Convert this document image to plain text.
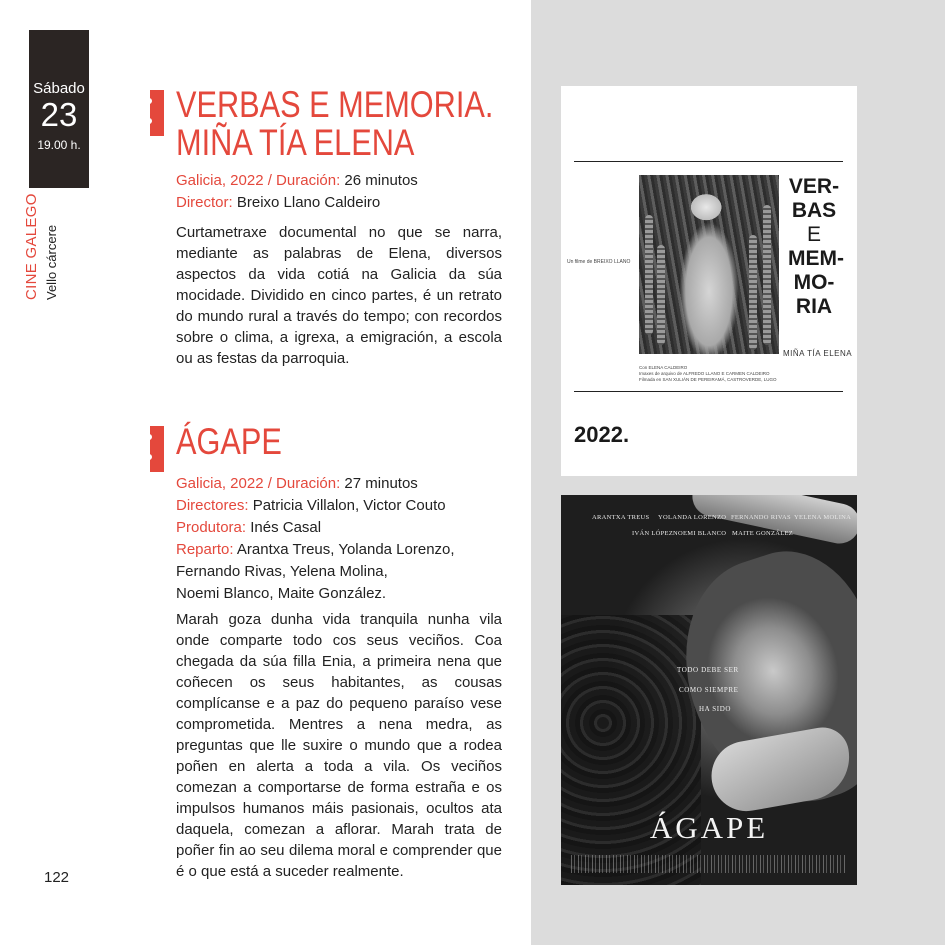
Sábado
23
19.00 h.
CINE GALEGO Vello cárcere
VERBAS E MEMORIA.
MIÑA TÍA ELENA
Galicia, 2022 / Duración: 26 minutos
Director: Breixo Llano Caldeiro
Curtametraxe documental no que se narra, mediante as palabras de Elena, diversos aspectos da vida cotiá na Galicia da súa mocidade. Dividido en cinco partes, é un retrato do mundo rural a través do tempo; con recordos sobre o clima, a igrexa, a emigración, a escola ou as festas da parroquia.
ÁGAPE
Galicia, 2022 / Duración: 27 minutos
Directores: Patricia Villalon, Victor Couto
Produtora: Inés Casal
Reparto: Arantxa Treus, Yolanda Lorenzo,
Fernando Rivas, Yelena Molina,
Noemi Blanco, Maite González.
Marah goza dunha vida tranquila nunha vila onde comparte todo cos seus veciños. Coa chegada da súa filla Enia, a primeira nena que coñecen os seus habitantes, as cousas complícanse e a paz do pequeno paraíso vese comprometida. Mentres a nena medra, as preguntas que lle suxire o mundo que a rodea poñen en alerta a toda a vila. Os veciños comezan a comportarse de forma estraña e os impulsos humanos máis pasionais, ocultos ata daquela, comezan a aflorar. Marah trata de poñer fin ao seu dilema moral e comprender que é o que está a suceder realmente.
122
Un filme de BREIXO LLANO
VER-
BAS
E
MEM-
MO-
RIA
MIÑA TÍA ELENA
Con ELENA CALDEIRO
Imaxes de arquivo de ALFREDO LLANO E CARMEN CALDEIRO
Filmada en SAN XULIÁN DE PEREIRAMÁ, CASTROVERDE, LUGO
2022.
ARANTXA TREUS YOLANDA LORENZO FERNANDO RIVAS YELENA MOLINA
IVÁN LÓPEZ NOEMI BLANCO MAITE GONZÁLEZ
TODO DEBE SER
COMO SIEMPRE
HA SIDO
ÁGAPE
